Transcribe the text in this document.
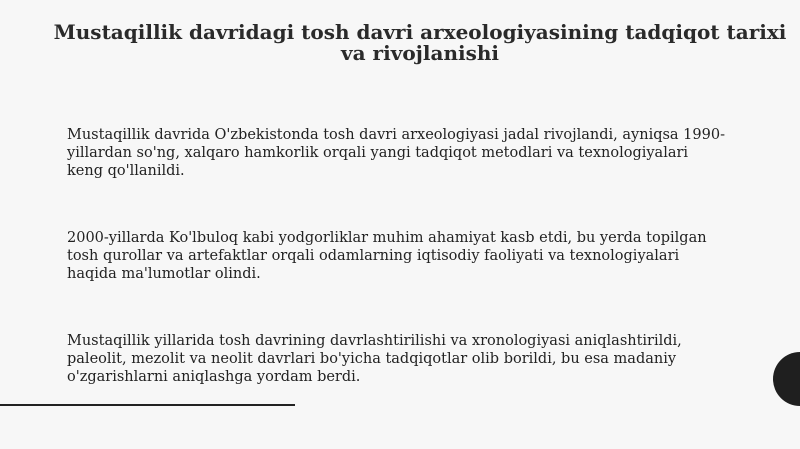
Mustaqillik davridagi tosh davri arxeologiyasining tadqiqot tarixi va rivojlanishi

Mustaqillik davrida O'zbekistonda tosh davri arxeologiyasi jadal rivojlandi, ayniqsa 1990-yillardan so'ng, xalqaro hamkorlik orqali yangi tadqiqot metodlari va texnologiyalari keng qo'llanildi.

2000-yillarda Ko'lbuloq kabi yodgorliklar muhim ahamiyat kasb etdi, bu yerda topilgan tosh qurollar va artefaktlar orqali odamlarning iqtisodiy faoliyati va texnologiyalari haqida ma'lumotlar olindi.

Mustaqillik yillarida tosh davrining davrlashtirilishi va xronologiyasi aniqlashtirildi, paleolit, mezolit va neolit davrlari bo'yicha tadqiqotlar olib borildi, bu esa madaniy o'zgarishlarni aniqlashga yordam berdi.
